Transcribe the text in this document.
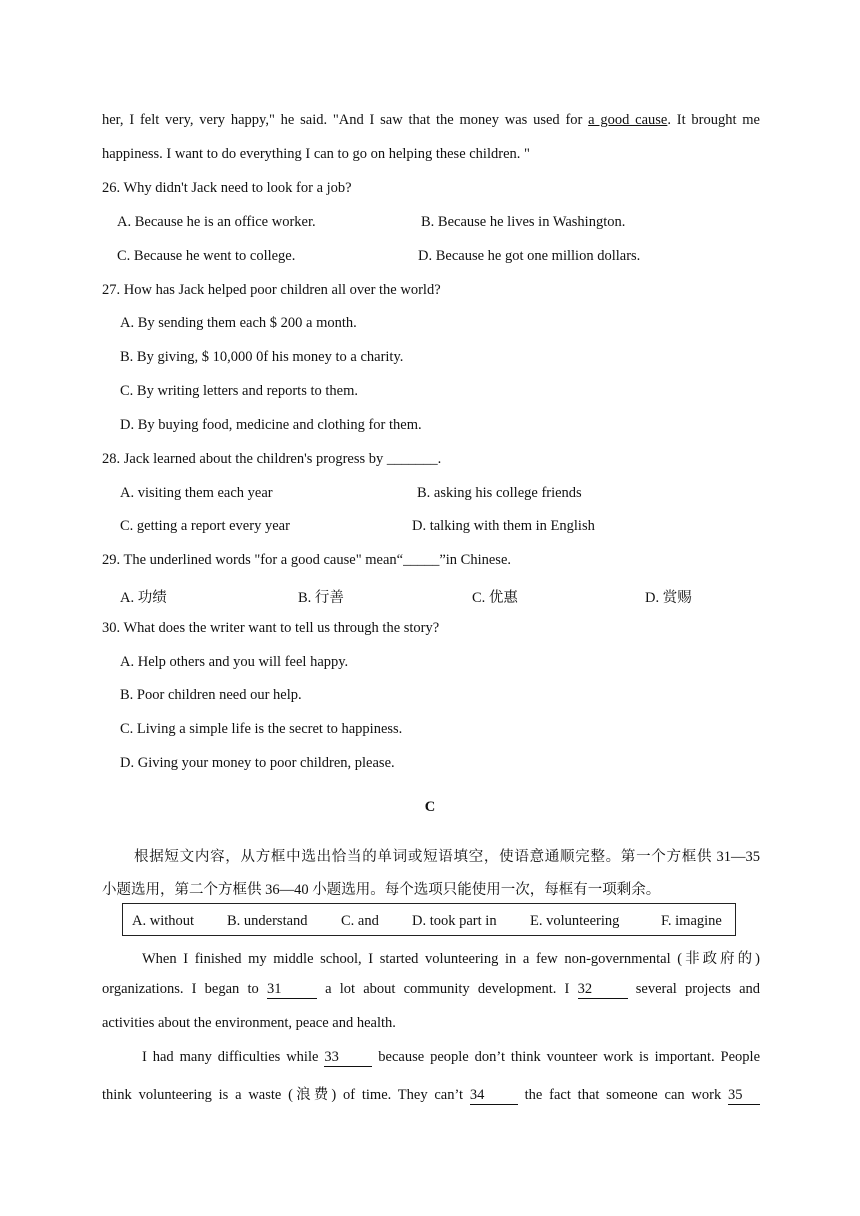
her, I felt very, very happy," he said. "And I saw that the money was used for a good cause. It brought me
happiness. I want to do everything I can to go on helping these children. "
26. Why didn't Jack need to look for a job?
A. Because he is an office worker.	B. Because he lives in Washington.
C. Because he went to college.	D. Because he got one million dollars.
27. How has Jack helped poor children all over the world?
A. By sending them each $ 200 a month.
B. By giving, $ 10,000 0f his money to a charity.
C. By writing letters and reports to them.
D. By buying food, medicine and clothing for them.
28. Jack learned about the children's progress by _______.
A. visiting them each year	B. asking his college friends
C. getting a report every year	D. talking with them in English
29. The underlined words "for a good cause" mean“_____”in Chinese.
A. 功绩	B. 行善	C. 优惠	D. 赏赐
30. What does the writer want to tell us through the story?
A. Help others and you will feel happy.
B. Poor children need our help.
C. Living a simple life is the secret to happiness.
D. Giving your money to poor children, please.
C
根据短文内容，从方框中选出恰当的单词或短语填空，使语意通顺完整。第一个方框供 31—35
小题选用，第二个方框供 36—40 小题选用。每个选项只能使用一次，每框有一项剩余。
A. without B. understand C. and D. took part in E. volunteering	F. imagine
When I finished my middle school, I started volunteering in a few non-governmental (非政府的)
organizations. I began to 31	a lot about community development. I 32	several projects and
activities about the environment, peace and health.
I had many difficulties while 33	because people don’t think vounteer work is important. People
think volunteering is a waste (浪费) of time. They can’t 34	the fact that someone can work 35
